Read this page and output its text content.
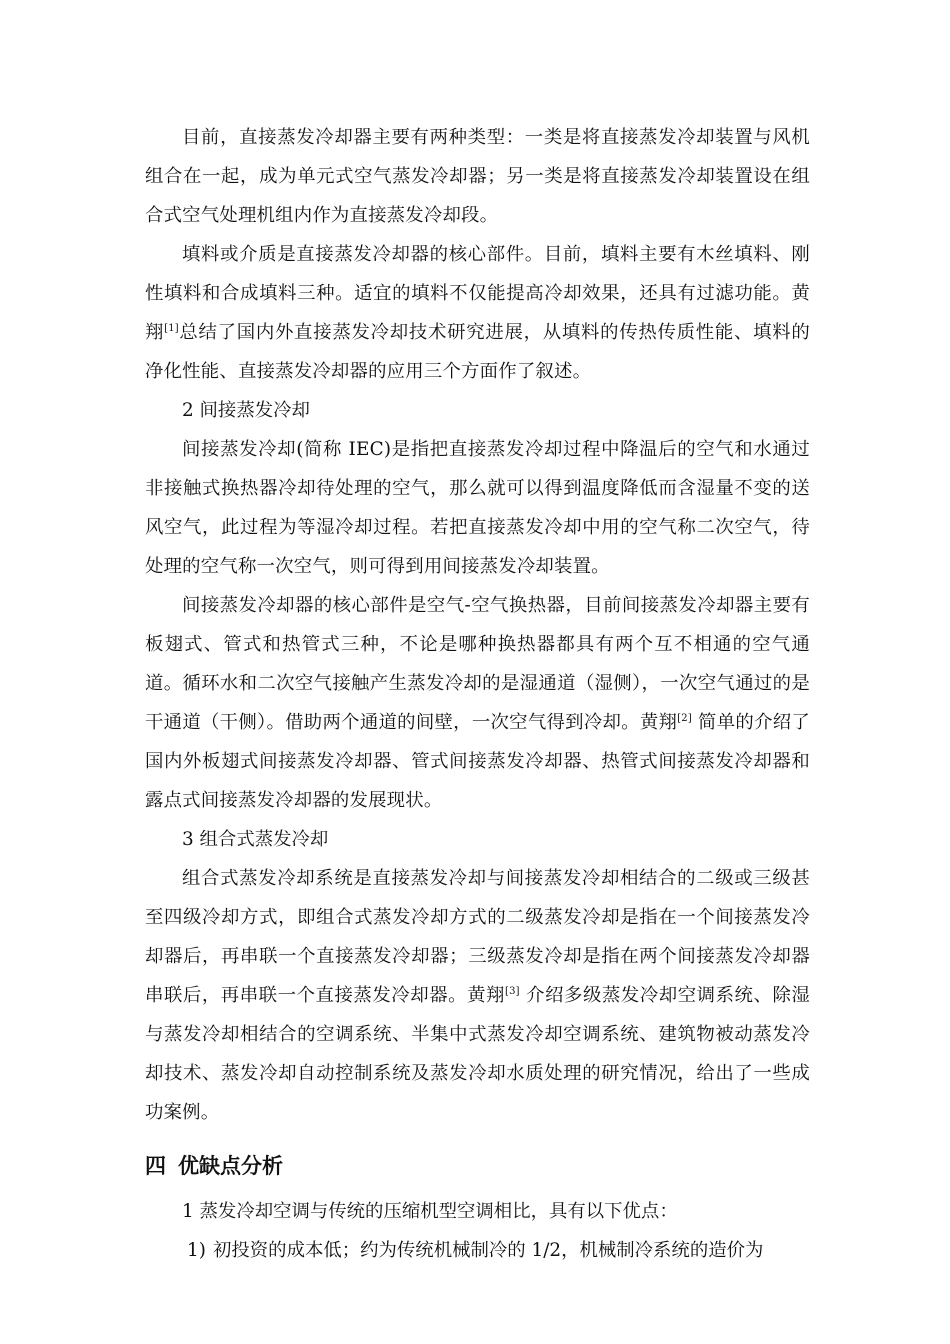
目前，直接蒸发冷却器主要有两种类型：一类是将直接蒸发冷却装置与风机组合在一起，成为单元式空气蒸发冷却器；另一类是将直接蒸发冷却装置设在组合式空气处理机组内作为直接蒸发冷却段。

填料或介质是直接蒸发冷却器的核心部件。目前，填料主要有木丝填料、刚性填料和合成填料三种。适宜的填料不仅能提高冷却效果，还具有过滤功能。黄翔[1]总结了国内外直接蒸发冷却技术研究进展，从填料的传热传质性能、填料的净化性能、直接蒸发冷却器的应用三个方面作了叙述。

2 间接蒸发冷却

间接蒸发冷却(简称 IEC)是指把直接蒸发冷却过程中降温后的空气和水通过非接触式换热器冷却待处理的空气，那么就可以得到温度降低而含湿量不变的送风空气，此过程为等湿冷却过程。若把直接蒸发冷却中用的空气称二次空气，待处理的空气称一次空气，则可得到用间接蒸发冷却装置。

间接蒸发冷却器的核心部件是空气-空气换热器，目前间接蒸发冷却器主要有板翅式、管式和热管式三种，不论是哪种换热器都具有两个互不相通的空气通道。循环水和二次空气接触产生蒸发冷却的是湿通道（湿侧），一次空气通过的是干通道（干侧）。借助两个通道的间壁，一次空气得到冷却。黄翔[2] 简单的介绍了国内外板翅式间接蒸发冷却器、管式间接蒸发冷却器、热管式间接蒸发冷却器和露点式间接蒸发冷却器的发展现状。

3 组合式蒸发冷却

组合式蒸发冷却系统是直接蒸发冷却与间接蒸发冷却相结合的二级或三级甚至四级冷却方式，即组合式蒸发冷却方式的二级蒸发冷却是指在一个间接蒸发冷却器后，再串联一个直接蒸发冷却器；三级蒸发冷却是指在两个间接蒸发冷却器串联后，再串联一个直接蒸发冷却器。黄翔[3] 介绍多级蒸发冷却空调系统、除湿与蒸发冷却相结合的空调系统、半集中式蒸发冷却空调系统、建筑物被动蒸发冷却技术、蒸发冷却自动控制系统及蒸发冷却水质处理的研究情况，给出了一些成功案例。

四 优缺点分析

1 蒸发冷却空调与传统的压缩机型空调相比，具有以下优点：

1) 初投资的成本低；约为传统机械制冷的 1/2，机械制冷系统的造价为
